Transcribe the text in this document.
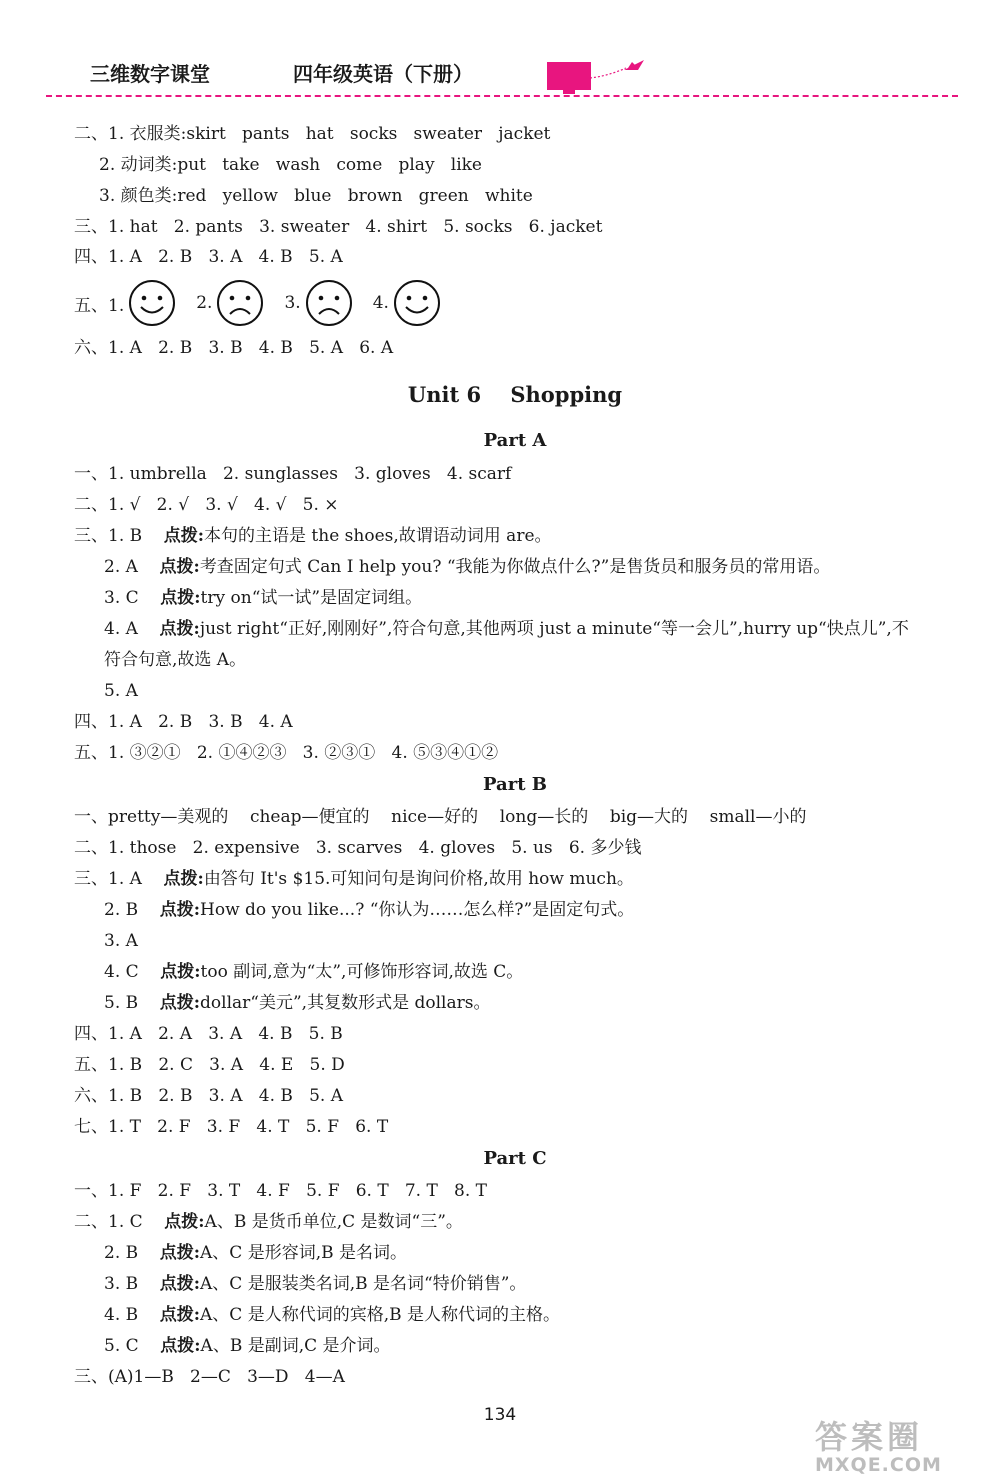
三维数字课堂	四年级英语（下册）
二、1. 衣服类:skirt   pants   hat   socks   sweater   jacket
2. 动词类:put   take   wash   come   play   like
3. 颜色类:red   yellow   blue   brown   green   white
三、1. hat   2. pants   3. sweater   4. shirt   5. socks   6. jacket
四、1. A   2. B   3. A   4. B   5. A
五、1.	2.	3.	4.
六、1. A   2. B   3. B   4. B   5. A   6. A
Unit 6    Shopping
Part A
一、1. umbrella   2. sunglasses   3. gloves   4. scarf
二、1. √   2. √   3. √   4. √   5. ×
三、1. B 点拨:本句的主语是 the shoes,故谓语动词用 are。
2. A 点拨:考查固定句式 Can I help you? “我能为你做点什么?”是售货员和服务员的常用语。
3. C 点拨:try on“试一试”是固定词组。
4. A 点拨:just right“正好,刚刚好”,符合句意,其他两项 just a minute“等一会儿”,hurry up“快点儿”,不
符合句意,故选 A。
5. A
四、1. A   2. B   3. B   4. A
五、1. ③②①   2. ①④②③   3. ②③①   4. ⑤③④①②
Part B
一、pretty—美观的    cheap—便宜的    nice—好的    long—长的    big—大的    small—小的
二、1. those   2. expensive   3. scarves   4. gloves   5. us   6. 多少钱
三、1. A 点拨:由答句 It's $15.可知问句是询问价格,故用 how much。
2. B 点拨:How do you like...? “你认为……怎么样?”是固定句式。
3. A
4. C 点拨:too 副词,意为“太”,可修饰形容词,故选 C。
5. B 点拨:dollar“美元”,其复数形式是 dollars。
四、1. A   2. A   3. A   4. B   5. B
五、1. B   2. C   3. A   4. E   5. D
六、1. B   2. B   3. A   4. B   5. A
七、1. T   2. F   3. F   4. T   5. F   6. T
Part C
一、1. F   2. F   3. T   4. F   5. F   6. T   7. T   8. T
二、1. C 点拨:A、B 是货币单位,C 是数词“三”。
2. B 点拨:A、C 是形容词,B 是名词。
3. B 点拨:A、C 是服装类名词,B 是名词“特价销售”。
4. B 点拨:A、C 是人称代词的宾格,B 是人称代词的主格。
5. C 点拨:A、B 是副词,C 是介词。
三、(A)1—B   2—C   3—D   4—A
134
答案圈
MXQE.COM
